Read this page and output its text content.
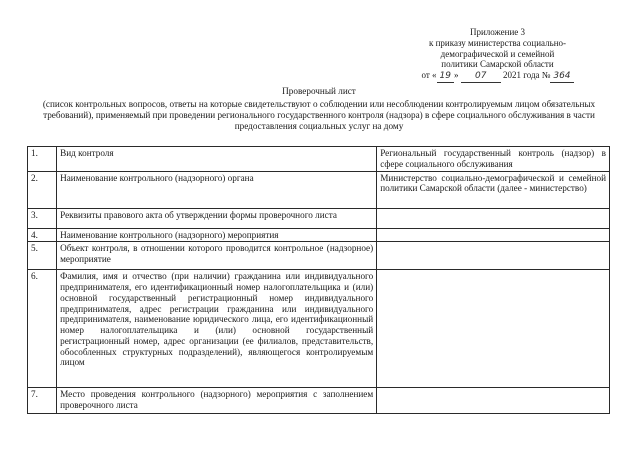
Приложение 3
к приказу министерства социально-
демографической и семейной
политики Самарской области
от « 19 » 07 2021 года № 364
Проверочный лист
(список контрольных вопросов, ответы на которые свидетельствуют о соблюдении или несоблюдении контролируемым лицом обязательных требований), применяемый при проведении регионального государственного контроля (надзора) в сфере социального обслуживания в части предоставления социальных услуг на дому
1.	Вид контроля	Региональный государственный контроль (надзор) в сфере социального обслуживания
2.	Наименование контрольного (надзорного) органа	Министерство социально-демографической и семейной политики Самарской области (далее - министерство)
3.	Реквизиты правового акта об утверждении формы проверочного листа	
4.	Наименование контрольного (надзорного) мероприятия	
5.	Объект контроля, в отношении которого проводится контрольное (надзорное) мероприятие	
6.	Фамилия, имя и отчество (при наличии) гражданина или индивидуального предпринимателя, его идентификационный номер налогоплательщика и (или) основной государственный регистрационный номер индивидуального предпринимателя, адрес регистрации гражданина или индивидуального предпринимателя, наименование юридического лица, его идентификационный номер налогоплательщика и (или) основной государственный регистрационный номер, адрес организации (ее филиалов, представительств, обособленных структурных подразделений), являющегося контролируемым лицом	
7.	Место проведения контрольного (надзорного) мероприятия с заполнением проверочного листа	
